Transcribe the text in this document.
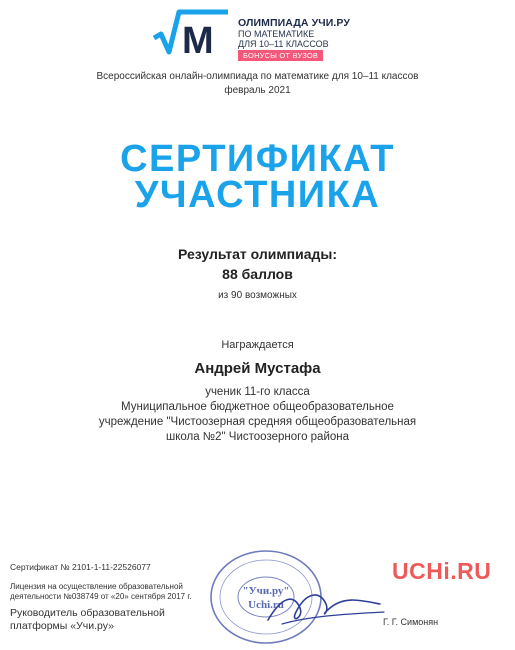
M ОЛИМПИАДА УЧИ.РУ
ПО МАТЕМАТИКЕ
ДЛЯ 10–11 КЛАССОВ
БОНУСЫ ОТ ВУЗОВ
Всероссийская онлайн-олимпиада по математике для 10–11 классов
февраль 2021
СЕРТИФИКАТ
УЧАСТНИКА
Результат олимпиады:
88 баллов
из 90 возможных
Награждается
Андрей Мустафа
ученик 11-го класса
Муниципальное бюджетное общеобразовательное
учреждение "Чистоозерная средняя общеобразовательная
школа №2" Чистоозерного района
Сертификат № 2101-1-11-22526077
Лицензия на осуществление образовательной
деятельности №038749 от «20» сентября 2017 г.
Руководитель образовательной
платформы «Учи.ру»
"Учи.ру"
Uchi.ru
Г. Г. Симонян
UCHi.RU
